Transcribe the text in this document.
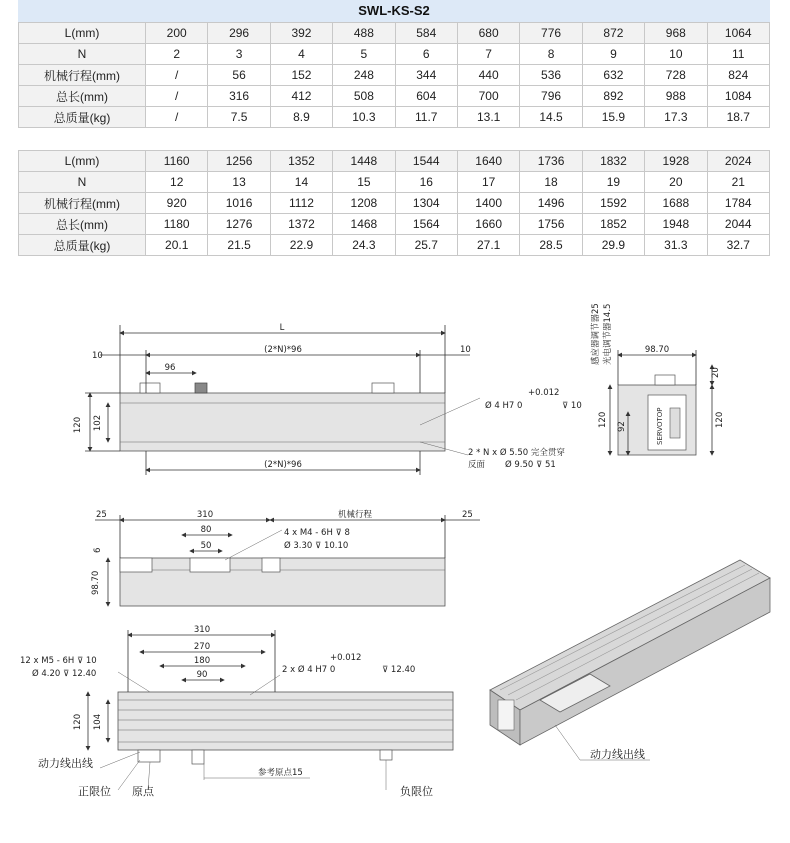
SWL-KS-S2
L(mm)	200	296	392	488	584	680	776	872	968	1064
N	2	3	4	5	6	7	8	9	10	11
机械行程(mm)	/	56	152	248	344	440	536	632	728	824
总长(mm)	/	316	412	508	604	700	796	892	988	1084
总质量(kg)	/	7.5	8.9	10.3	11.7	13.1	14.5	15.9	17.3	18.7
L(mm)	1160	1256	1352	1448	1544	1640	1736	1832	1928	2024
N	12	13	14	15	16	17	18	19	20	21
机械行程(mm)	920	1016	1112	1208	1304	1400	1496	1592	1688	1784
总长(mm)	1180	1276	1372	1468	1564	1660	1756	1852	1948	2044
总质量(kg)	20.1	21.5	22.9	24.3	25.7	27.1	28.5	29.9	31.3	32.7
L
(2*N)*96
10
10
96
(2*N)*96
120 102
+0.012
Ø 4 H7 0	⊽ 10
2 * N x Ø 5.50 完全贯穿
反面 Ø 9.50 ⊽ 51
SERVOTOP
感应器调节器25 光电调节器14.5	98.70
20
92
120	120
310	机械行程
25	25
80
50
4 x M4 - 6H ⊽ 8
Ø 3.30 ⊽ 10.10
6
98.70
310
270
180
90
12 x M5 - 6H ⊽ 10
Ø 4.20 ⊽ 12.40
+0.012
2 x Ø 4 H7 0	⊽ 12.40
120 104
参考原点15
动力线出线
正限位 原点	负限位
动力线出线
